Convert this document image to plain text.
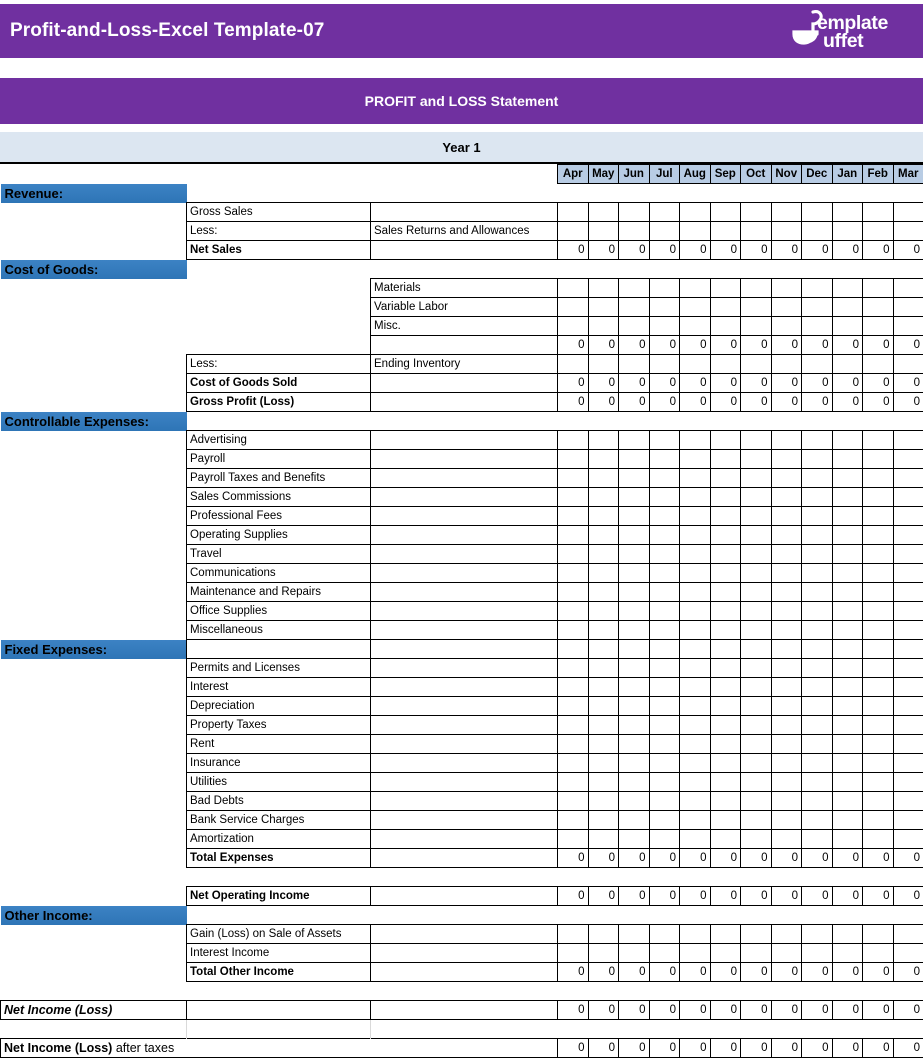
Profit-and-Loss-Excel Template-07	emplate
uffet
PROFIT and LOSS Statement
Year 1
			Apr	May	Jun	Jul	Aug	Sep	Oct	Nov	Dec	Jan	Feb	Mar
Revenue:														
	Gross Sales													
	Less:	Sales Returns and Allowances												
	Net Sales		0	0	0	0	0	0	0	0	0	0	0	0
Cost of Goods:														
		Materials												
		Variable Labor												
		Misc.												
			0	0	0	0	0	0	0	0	0	0	0	0
	Less:	Ending Inventory												
	Cost of Goods Sold		0	0	0	0	0	0	0	0	0	0	0	0
	Gross Profit (Loss)		0	0	0	0	0	0	0	0	0	0	0	0
Controllable Expenses:														
	Advertising													
	Payroll													
	Payroll Taxes and Benefits													
	Sales Commissions													
	Professional Fees													
	Operating Supplies													
	Travel													
	Communications													
	Maintenance and Repairs													
	Office Supplies													
	Miscellaneous													
Fixed Expenses:														
	Permits and Licenses													
	Interest													
	Depreciation													
	Property Taxes													
	Rent													
	Insurance													
	Utilities													
	Bad Debts													
	Bank Service Charges													
	Amortization													
	Total Expenses		0	0	0	0	0	0	0	0	0	0	0	0

	Net Operating Income		0	0	0	0	0	0	0	0	0	0	0	0
Other Income:														
	Gain (Loss) on Sale of Assets													
	Interest Income													
	Total Other Income		0	0	0	0	0	0	0	0	0	0	0	0

Net Income (Loss)			0	0	0	0	0	0	0	0	0	0	0	0

Net Income (Loss) after taxes			0	0	0	0	0	0	0	0	0	0	0	0
